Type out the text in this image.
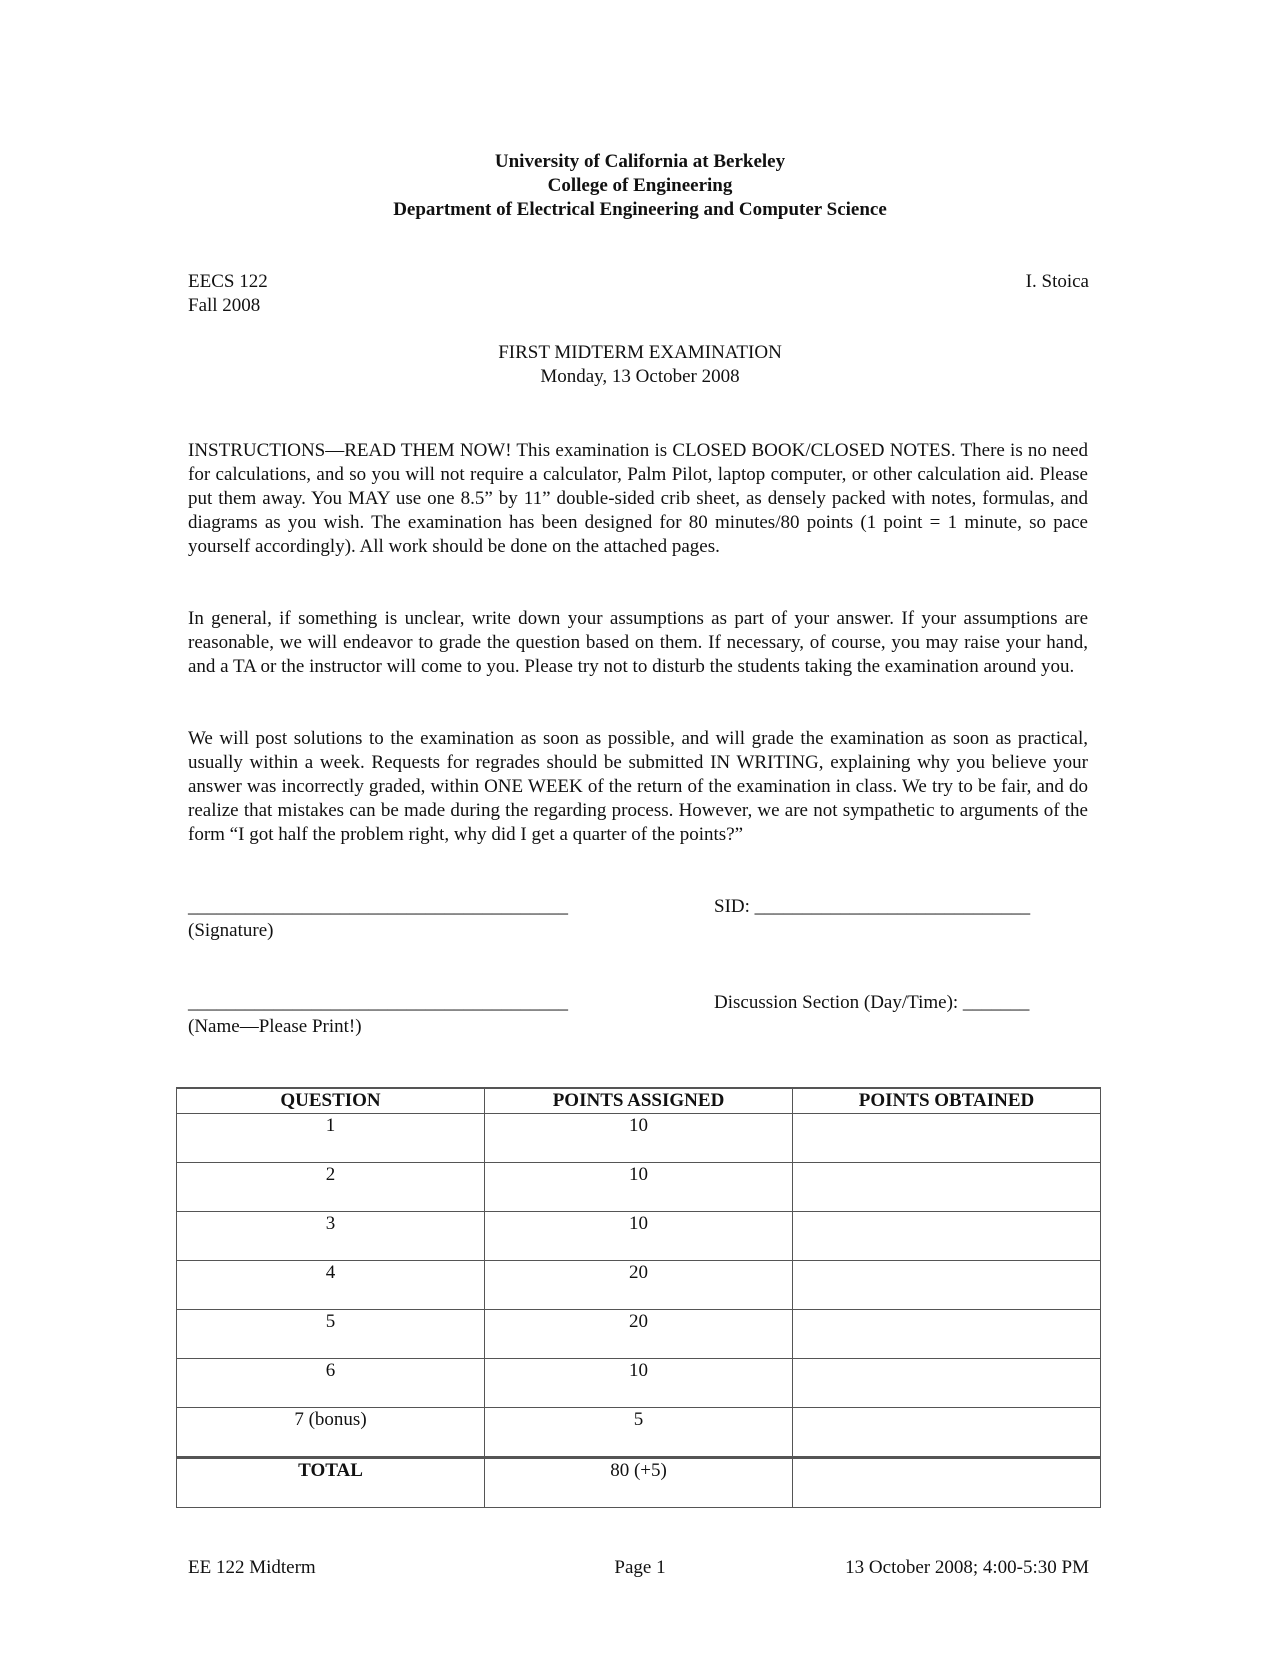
University of California at Berkeley
College of Engineering
Department of Electrical Engineering and Computer Science
EECS 122
Fall 2008
I. Stoica
FIRST MIDTERM EXAMINATION
Monday, 13 October 2008

INSTRUCTIONS—READ THEM NOW! This examination is CLOSED BOOK/CLOSED NOTES. There is no need for calculations, and so you will not require a calculator, Palm Pilot, laptop computer, or other calculation aid. Please put them away. You MAY use one 8.5” by 11” double-sided crib sheet, as densely packed with notes, formulas, and diagrams as you wish. The examination has been designed for 80 minutes/80 points (1 point = 1 minute, so pace yourself accordingly). All work should be done on the attached pages.

In general, if something is unclear, write down your assumptions as part of your answer. If your assumptions are reasonable, we will endeavor to grade the question based on them. If necessary, of course, you may raise your hand, and a TA or the instructor will come to you. Please try not to disturb the students taking the examination around you.

We will post solutions to the examination as soon as possible, and will grade the examination as soon as practical, usually within a week. Requests for regrades should be submitted IN WRITING, explaining why you believe your answer was incorrectly graded, within ONE WEEK of the return of the examination in class. We try to be fair, and do realize that mistakes can be made during the regarding process. However, we are not sympathetic to arguments of the form “I got half the problem right, why did I get a quarter of the points?”

________________________________________
(Signature)
SID: _____________________________
________________________________________
(Name—Please Print!)
Discussion Section (Day/Time): _______
QUESTION	POINTS ASSIGNED	POINTS OBTAINED
1	10	
2	10	
3	10	
4	20	
5	20	
6	10	
7 (bonus)	5	
TOTAL	80 (+5)	
EE 122 Midterm	Page 1	13 October 2008; 4:00-5:30 PM
